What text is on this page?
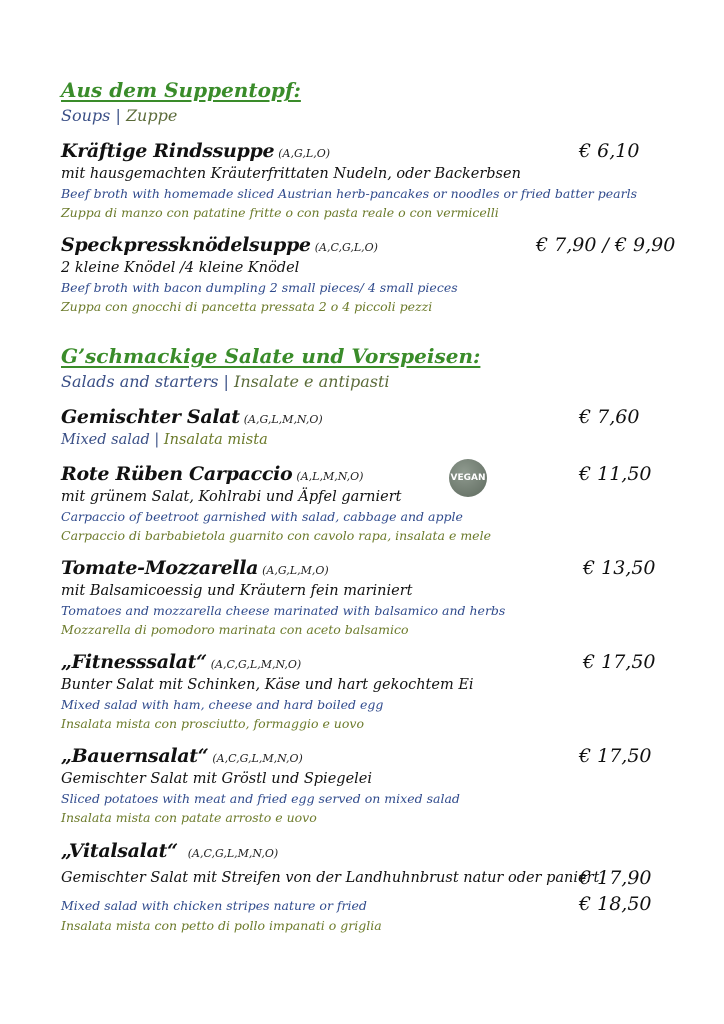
Aus dem Suppentopf:
Soups | Zuppe
Kräftige Rindssuppe (A,G,L,O)	€ 6,10
mit hausgemachten Kräuterfrittaten Nudeln, oder Backerbsen
Beef broth with homemade sliced Austrian herb-pancakes or noodles or fried batter pearls
Zuppa di manzo con patatine fritte o con pasta reale o con vermicelli
Speckpressknödelsuppe (A,C,G,L,O)	€ 7,90 / € 9,90
2 kleine Knödel /4 kleine Knödel
Beef broth with bacon dumpling 2 small pieces/ 4 small pieces
Zuppa con gnocchi di pancetta pressata 2 o 4 piccoli pezzi
G’schmackige Salate und Vorspeisen:
Salads and starters | Insalate e antipasti
Gemischter Salat (A,G,L,M,N,O)	€ 7,60
Mixed salad | Insalata mista
Rote Rüben Carpaccio (A,L,M,N,O)	VEGAN	€ 11,50
mit grünem Salat, Kohlrabi und Äpfel garniert
Carpaccio of beetroot garnished with salad, cabbage and apple
Carpaccio di barbabietola guarnito con cavolo rapa, insalata e mele
Tomate-Mozzarella (A,G,L,M,O)	€ 13,50
mit Balsamicoessig und Kräutern fein mariniert
Tomatoes and mozzarella cheese marinated with balsamico and herbs
Mozzarella di pomodoro marinata con aceto balsamico
„Fitnesssalat“ (A,C,G,L,M,N,O)	€ 17,50
Bunter Salat mit Schinken, Käse und hart gekochtem Ei
Mixed salad with ham, cheese and hard boiled egg
Insalata mista con prosciutto, formaggio e uovo
„Bauernsalat“ (A,C,G,L,M,N,O)	€ 17,50
Gemischter Salat mit Gröstl und Spiegelei
Sliced potatoes with meat and fried egg served on mixed salad
Insalata mista con patate arrosto e uovo
„Vitalsalat“ (A,C,G,L,M,N,O)
Gemischter Salat mit Streifen von der Landhuhnbrust natur oder paniert
€ 17,90
Mixed salad with chicken stripes nature or fried	€ 18,50
Insalata mista con petto di pollo impanati o griglia
